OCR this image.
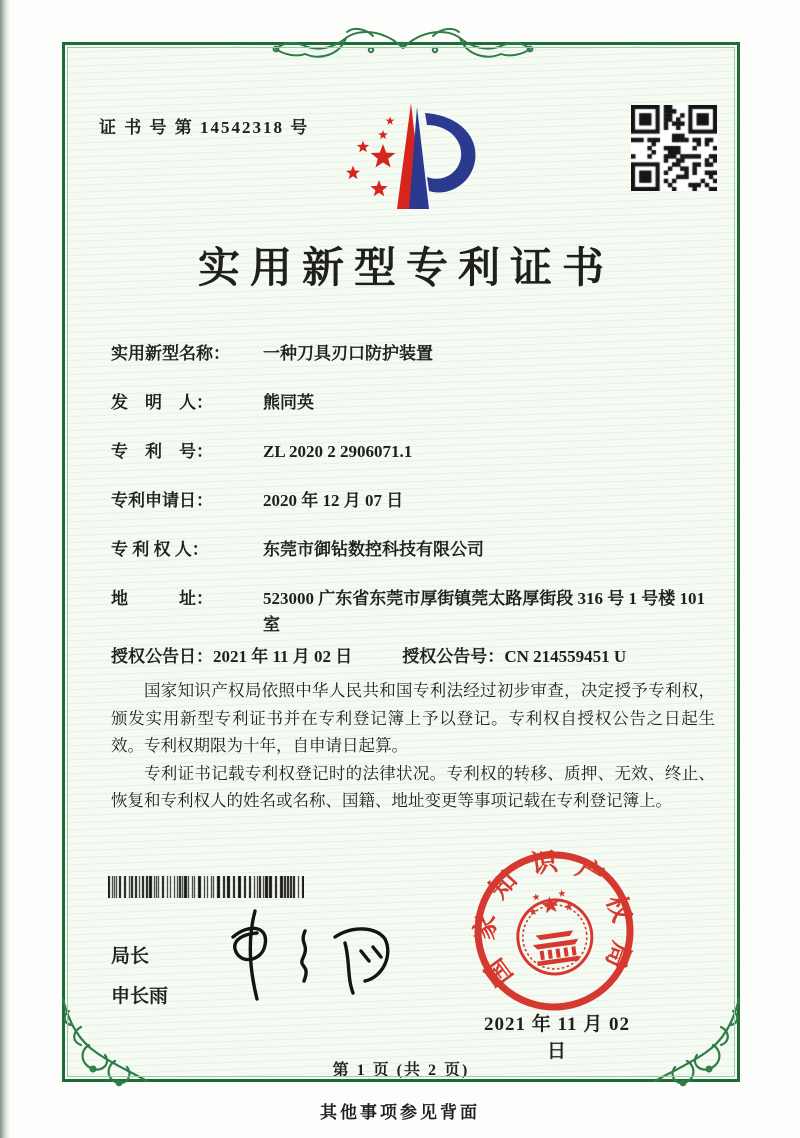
证 书 号 第 14542318 号
实用新型专利证书
实用新型名称：	一种刀具刃口防护装置
发　明　人：	熊同英
专　利　号：	ZL 2020 2 2906071.1
专利申请日：	2020 年 12 月 07 日
专 利 权 人：	东莞市御钻数控科技有限公司
地　　　址：	523000 广东省东莞市厚街镇莞太路厚街段 316 号 1 号楼 101 室
授权公告日： 2021 年 11 月 02 日	授权公告号： CN 214559451 U

国家知识产权局依照中华人民共和国专利法经过初步审查，决定授予专利权，颁发实用新型专利证书并在专利登记簿上予以登记。专利权自授权公告之日起生效。专利权期限为十年，自申请日起算。

专利证书记载专利权登记时的法律状况。专利权的转移、质押、无效、终止、恢复和专利权人的姓名或名称、国籍、地址变更等事项记载在专利登记簿上。

局长
申长雨
国家知识产权局
2021 年 11 月 02 日
第 1 页 (共 2 页)
其他事项参见背面
